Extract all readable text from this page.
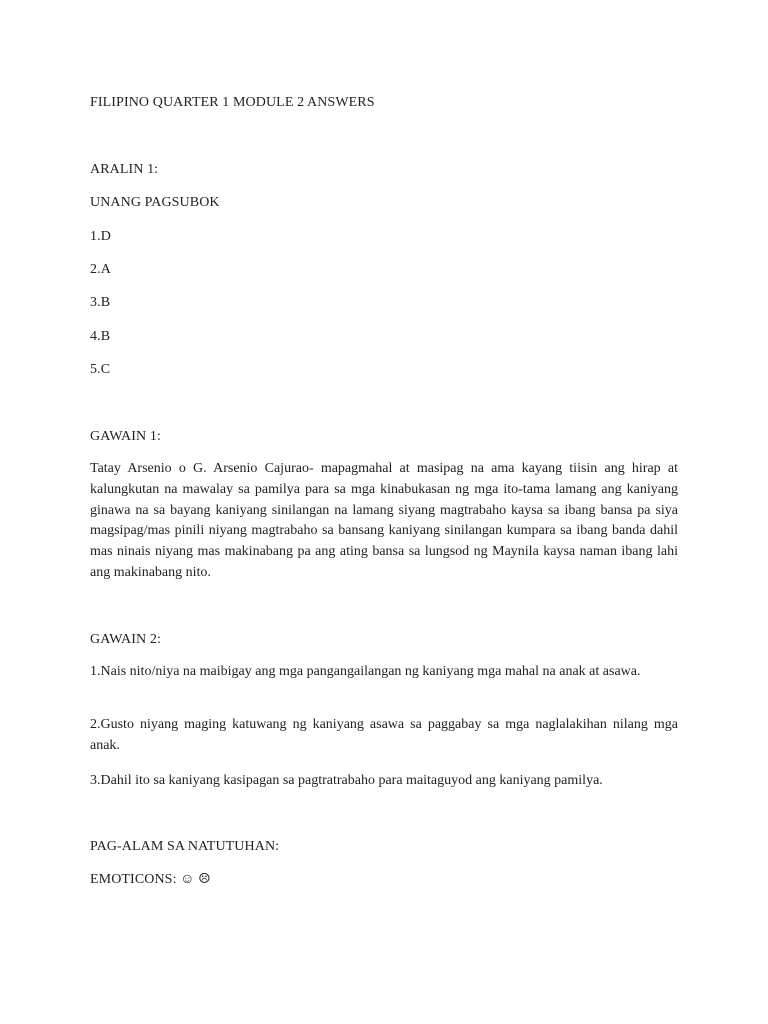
FILIPINO QUARTER 1 MODULE 2 ANSWERS
ARALIN 1:
UNANG PAGSUBOK
1.D
2.A
3.B
4.B
5.C
GAWAIN 1:
Tatay Arsenio o G. Arsenio Cajurao- mapagmahal at masipag na ama kayang tiisin ang hirap at kalungkutan na mawalay sa pamilya para sa mga kinabukasan ng mga ito-tama lamang ang kaniyang ginawa na sa bayang kaniyang sinilangan na lamang siyang magtrabaho kaysa sa ibang bansa pa siya magsipag/mas pinili niyang magtrabaho sa bansang kaniyang sinilangan kumpara sa ibang banda dahil mas ninais niyang mas makinabang pa ang ating bansa sa lungsod ng Maynila kaysa naman ibang lahi ang makinabang nito.
GAWAIN 2:
1.Nais nito/niya na maibigay ang mga pangangailangan ng kaniyang mga mahal na anak at asawa.
2.Gusto niyang maging katuwang ng kaniyang asawa sa paggabay sa mga naglalakihan nilang mga anak.
3.Dahil ito sa kaniyang kasipagan sa pagtratrabaho para maitaguyod ang kaniyang pamilya.
PAG-ALAM SA NATUTUHAN:
EMOTICONS: ☺ ☹
